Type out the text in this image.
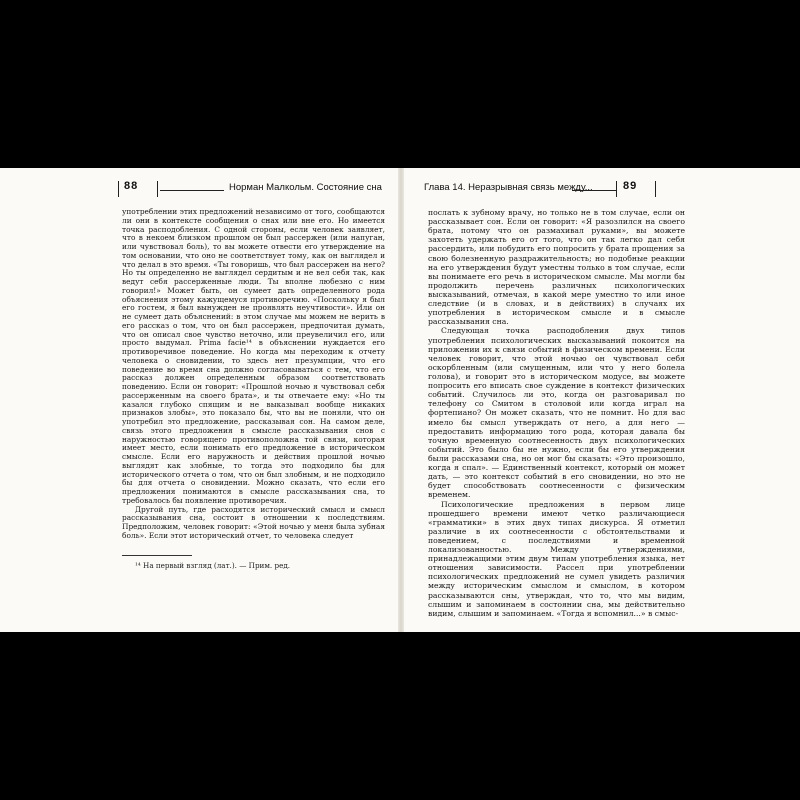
88	Норман Малкольм. Состояние сна

употреблении этих предложений независимо от того, сообщаются ли они в контексте сообщения о снах или вне его. Но имеется точка расподобления. С одной стороны, если человек заявляет, что в некоем близком прошлом он был рассержен (или напуган, или чувствовал боль), то вы можете отвести его утверждение на том основании, что оно не соответствует тому, как он выглядел и что делал в это время. «Ты говоришь, что был рассержен на него? Но ты определенно не выглядел сердитым и не вел себя так, как ведут себя рассерженные люди. Ты вполне любезно с ним говорил!» Может быть, он сумеет дать определенного рода объяснения этому кажущемуся противоречию. «Поскольку я был его гостем, я был вынужден не проявлять неучтивости». Или он не сумеет дать объяснений: в этом случае мы можем не верить в его рассказ о том, что он был рассержен, предпочитая думать, что он описал свое чувство неточно, или преувеличил его, или просто выдумал. Prima facie¹⁴ в объяснении нуждается его противоречивое поведение. Но когда мы переходим к отчету человека о сновидении, то здесь нет презумпции, что его поведение во время сна должно согласовываться с тем, что его рассказ должен определенным образом соответствовать поведению. Если он говорит: «Прошлой ночью я чувствовал себя рассерженным на своего брата», и ты отвечаете ему: «Но ты казался глубоко спящим и не выказывал вообще никаких признаков злобы», это показало бы, что вы не поняли, что он употребил это предложение, рассказывая сон. На самом деле, связь этого предложения в смысле рассказывания снов с наружностью говорящего противоположна той связи, которая имеет место, если понимать его предложение в историческом смысле. Если его наружность и действия прошлой ночью выглядят как злобные, то тогда это подходило бы для исторического отчета о том, что он был злобным, и не подходило бы для отчета о сновидении. Можно сказать, что если его предложения понимаются в смысле рассказывания сна, то требовалось бы появление противоречия.

Другой путь, где расходятся исторический смысл и смысл рассказывания сна, состоит в отношении к последствиям. Предположим, человек говорит: «Этой ночью у меня была зубная боль». Если этот исторический отчет, то человека следует

¹⁴ На первый взгляд (лат.). — Прим. ред.
Глава 14. Неразрывная связь между...	89

послать к зубному врачу, но только не в том случае, если он рассказывает сон. Если он говорит: «Я разозлился на своего брата, потому что он размахивал руками», вы можете захотеть удержать его от того, что он так легко дал себя рассердить, или побудить его попросить у брата прощения за свою болезненную раздражительность; но подобные реакции на его утверждения будут уместны только в том случае, если вы понимаете его речь в историческом смысле. Мы могли бы продолжить перечень различных психологических высказываний, отмечая, в какой мере уместно то или иное следствие (и в словах, и в действиях) в случаях их употребления в историческом смысле и в смысле рассказывания сна.

Следующая точка расподобления двух типов употребления психологических высказываний покоится на приложении их к связи событий в физическом времени. Если человек говорит, что этой ночью он чувствовал себя оскорбленным (или смущенным, или что у него болела голова), и говорит это в историческом модусе, вы можете попросить его вписать свое суждение в контекст физических событий. Случилось ли это, когда он разговаривал по телефону со Смитом в столовой или когда играл на фортепиано? Он может сказать, что не помнит. Но для вас имело бы смысл утверждать от него, а для него — предоставить информацию того рода, которая давала бы точную временную соотнесенность двух психологических событий. Это было бы не нужно, если бы его утверждения были рассказами сна, но он мог бы сказать: «Это произошло, когда я спал». — Единственный контекст, который он может дать, — это контекст событий в его сновидении, но это не будет способствовать соотнесенности с физическим временем.

Психологические предложения в первом лице прошедшего времени имеют четко различающиеся «грамматики» в этих двух типах дискурса. Я отметил различие в их соотнесенности с обстоятельствами и поведением, с последствиями и временной локализованностью. Между утверждениями, принадлежащими этим двум типам употребления языка, нет отношения зависимости. Рассел при употреблении психологических предложений не сумел увидеть различия между историческим смыслом и смыслом, в котором рассказываются сны, утверждая, что то, что мы видим, слышим и запоминаем в состоянии сна, мы действительно видим, слышим и запоминаем. «Тогда я вспомнил...» в смыс-
